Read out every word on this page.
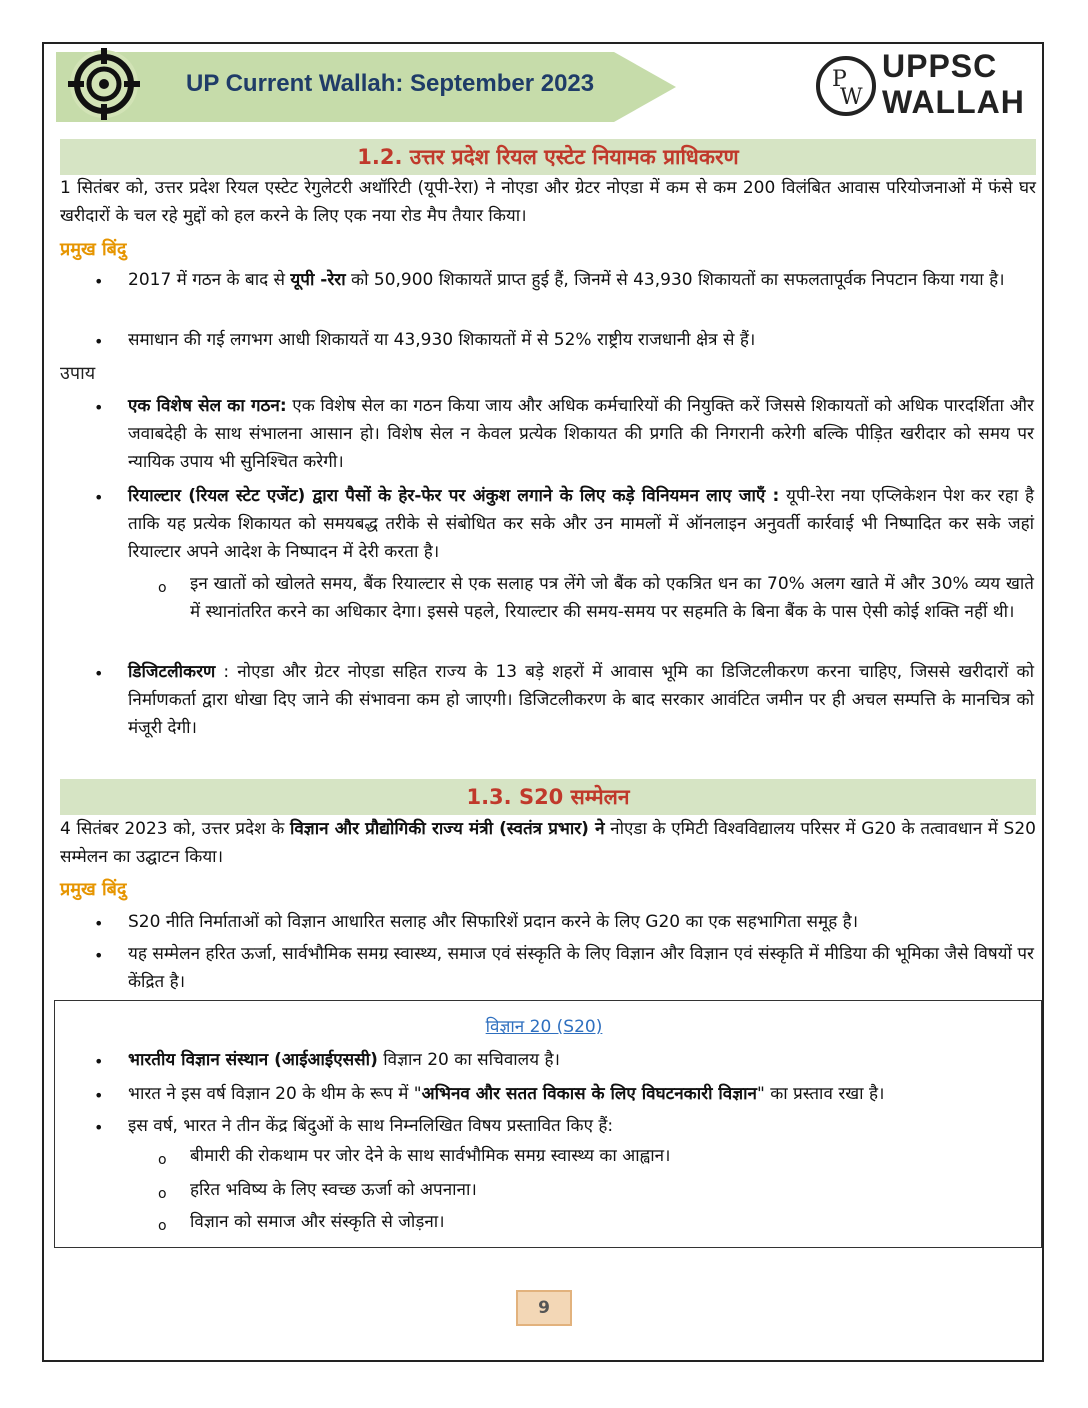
UP Current Wallah: September 2023	P
W
UPPSC
WALLAH
1.2. उत्तर प्रदेश रियल एस्टेट नियामक प्राधिकरण
1 सितंबर को, उत्तर प्रदेश रियल एस्टेट रेगुलेटरी अथॉरिटी (यूपी-रेरा) ने नोएडा और ग्रेटर नोएडा में कम से कम 200 विलंबित आवास परियोजनाओं में फंसे घर खरीदारों के चल रहे मुद्दों को हल करने के लिए एक नया रोड मैप तैयार किया।
प्रमुख बिंदु
• 2017 में गठन के बाद से यूपी -रेरा को 50,900 शिकायतें प्राप्त हुई हैं, जिनमें से 43,930 शिकायतों का सफलतापूर्वक निपटान किया गया है।
• समाधान की गई लगभग आधी शिकायतें या 43,930 शिकायतों में से 52% राष्ट्रीय राजधानी क्षेत्र से हैं।
उपाय
• एक विशेष सेल का गठन: एक विशेष सेल का गठन किया जाय और अधिक कर्मचारियों की नियुक्ति करें जिससे शिकायतों को अधिक पारदर्शिता और जवाबदेही के साथ संभालना आसान हो। विशेष सेल न केवल प्रत्येक शिकायत की प्रगति की निगरानी करेगी बल्कि पीड़ित खरीदार को समय पर न्यायिक उपाय भी सुनिश्चित करेगी।
• रियाल्टार (रियल स्टेट एजेंट) द्वारा पैसों के हेर-फेर पर अंकुश लगाने के लिए कड़े विनियमन लाए जाएँ : यूपी-रेरा नया एप्लिकेशन पेश कर रहा है ताकि यह प्रत्येक शिकायत को समयबद्ध तरीके से संबोधित कर सके और उन मामलों में ऑनलाइन अनुवर्ती कार्रवाई भी निष्पादित कर सके जहां रियाल्टार अपने आदेश के निष्पादन में देरी करता है।
o इन खातों को खोलते समय, बैंक रियाल्टार से एक सलाह पत्र लेंगे जो बैंक को एकत्रित धन का 70% अलग खाते में और 30% व्यय खाते में स्थानांतरित करने का अधिकार देगा। इससे पहले, रियाल्टार की समय-समय पर सहमति के बिना बैंक के पास ऐसी कोई शक्ति नहीं थी।
• डिजिटलीकरण : नोएडा और ग्रेटर नोएडा सहित राज्य के 13 बड़े शहरों में आवास भूमि का डिजिटलीकरण करना चाहिए, जिससे खरीदारों को निर्माणकर्ता द्वारा धोखा दिए जाने की संभावना कम हो जाएगी। डिजिटलीकरण के बाद सरकार आवंटित जमीन पर ही अचल सम्पत्ति के मानचित्र को मंजूरी देगी।
1.3. S20 सम्मेलन
4 सितंबर 2023 को, उत्तर प्रदेश के विज्ञान और प्रौद्योगिकी राज्य मंत्री (स्वतंत्र प्रभार) ने नोएडा के एमिटी विश्वविद्यालय परिसर में G20 के तत्वावधान में S20 सम्मेलन का उद्घाटन किया।
प्रमुख बिंदु
• S20 नीति निर्माताओं को विज्ञान आधारित सलाह और सिफारिशें प्रदान करने के लिए G20 का एक सहभागिता समूह है।
• यह सम्मेलन हरित ऊर्जा, सार्वभौमिक समग्र स्वास्थ्य, समाज एवं संस्कृति के लिए विज्ञान और विज्ञान एवं संस्कृति में मीडिया की भूमिका जैसे विषयों पर केंद्रित है।
विज्ञान 20 (S20)
• भारतीय विज्ञान संस्थान (आईआईएससी) विज्ञान 20 का सचिवालय है।
• भारत ने इस वर्ष विज्ञान 20 के थीम के रूप में "अभिनव और सतत विकास के लिए विघटनकारी विज्ञान" का प्रस्ताव रखा है।
• इस वर्ष, भारत ने तीन केंद्र बिंदुओं के साथ निम्नलिखित विषय प्रस्तावित किए हैं:
o बीमारी की रोकथाम पर जोर देने के साथ सार्वभौमिक समग्र स्वास्थ्य का आह्वान।
o हरित भविष्य के लिए स्वच्छ ऊर्जा को अपनाना।
o विज्ञान को समाज और संस्कृति से जोड़ना।
9
